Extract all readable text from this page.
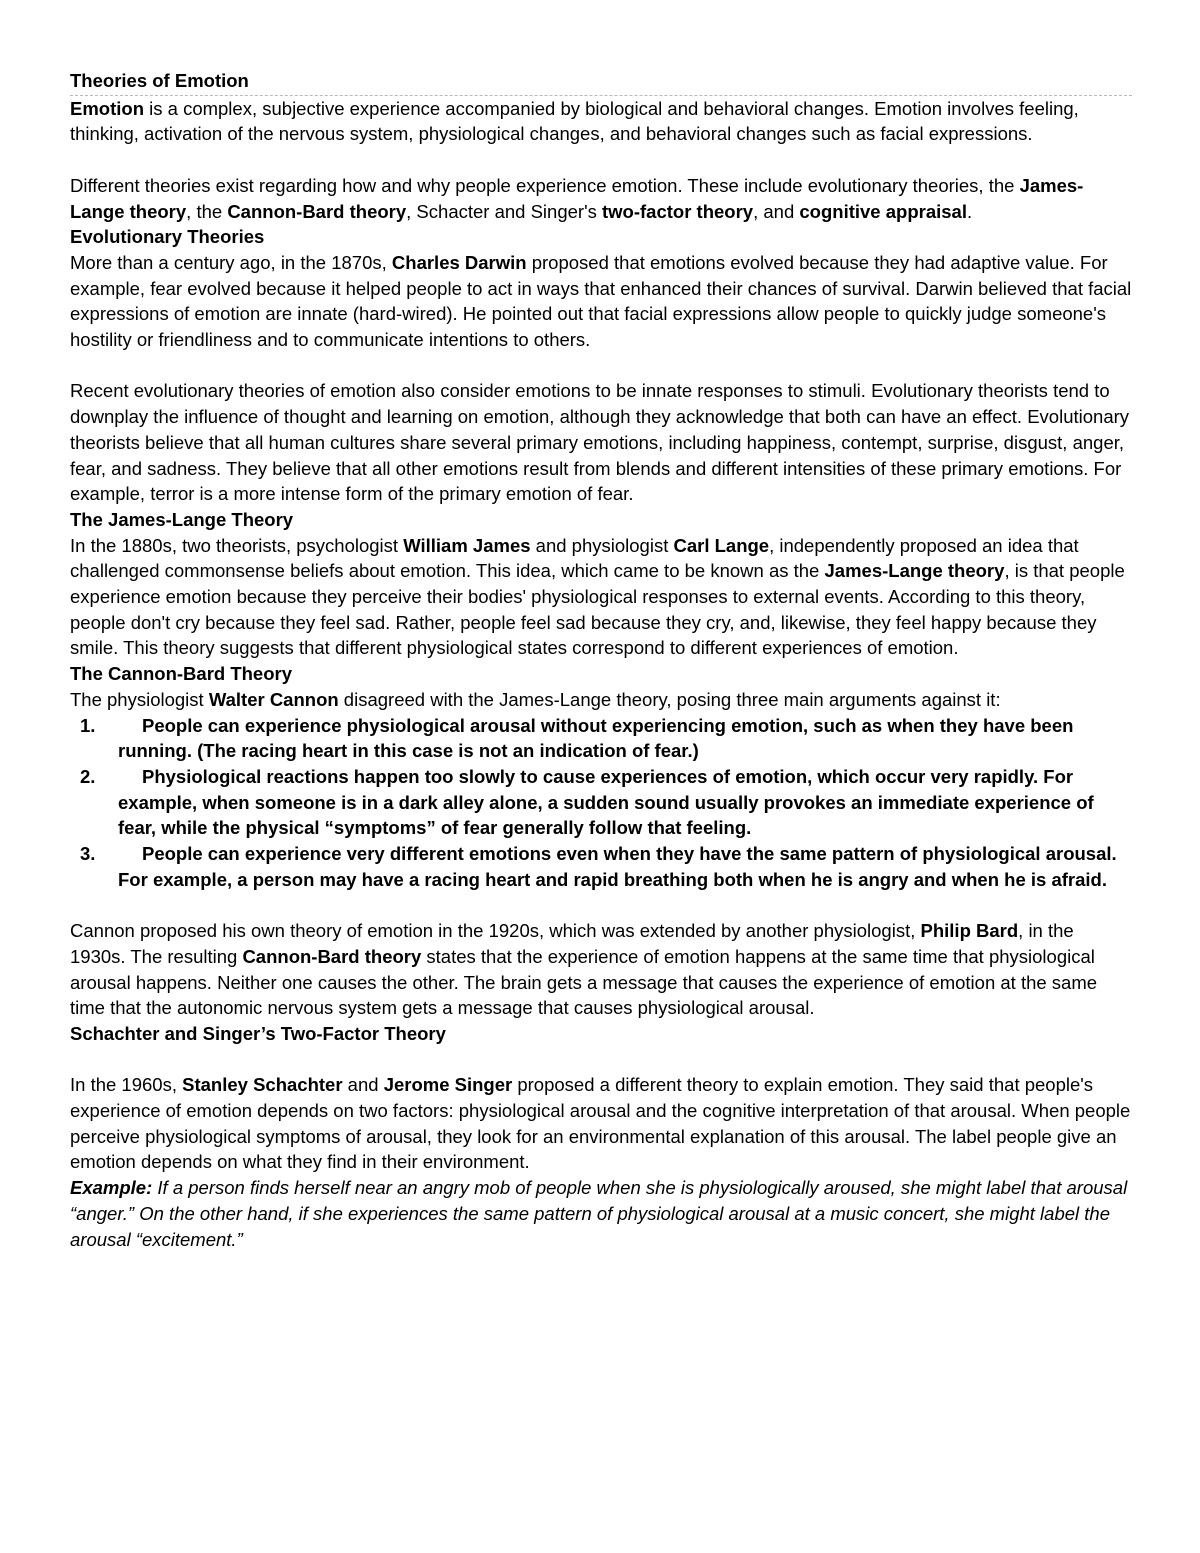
Theories of Emotion

Emotion is a complex, subjective experience accompanied by biological and behavioral changes. Emotion involves feeling, thinking, activation of the nervous system, physiological changes, and behavioral changes such as facial expressions.

Different theories exist regarding how and why people experience emotion. These include evolutionary theories, the James-Lange theory, the Cannon-Bard theory, Schacter and Singer's two-factor theory, and cognitive appraisal.

Evolutionary Theories

More than a century ago, in the 1870s, Charles Darwin proposed that emotions evolved because they had adaptive value. For example, fear evolved because it helped people to act in ways that enhanced their chances of survival. Darwin believed that facial expressions of emotion are innate (hard-wired). He pointed out that facial expressions allow people to quickly judge someone's hostility or friendliness and to communicate intentions to others.

Recent evolutionary theories of emotion also consider emotions to be innate responses to stimuli. Evolutionary theorists tend to downplay the influence of thought and learning on emotion, although they acknowledge that both can have an effect. Evolutionary theorists believe that all human cultures share several primary emotions, including happiness, contempt, surprise, disgust, anger, fear, and sadness. They believe that all other emotions result from blends and different intensities of these primary emotions. For example, terror is a more intense form of the primary emotion of fear.

The James-Lange Theory

In the 1880s, two theorists, psychologist William James and physiologist Carl Lange, independently proposed an idea that challenged commonsense beliefs about emotion. This idea, which came to be known as the James-Lange theory, is that people experience emotion because they perceive their bodies' physiological responses to external events. According to this theory, people don't cry because they feel sad. Rather, people feel sad because they cry, and, likewise, they feel happy because they smile. This theory suggests that different physiological states correspond to different experiences of emotion.

The Cannon-Bard Theory

The physiologist Walter Cannon disagreed with the James-Lange theory, posing three main arguments against it:

1.	People can experience physiological arousal without experiencing emotion, such as when they have been running. (The racing heart in this case is not an indication of fear.)
2.	Physiological reactions happen too slowly to cause experiences of emotion, which occur very rapidly. For example, when someone is in a dark alley alone, a sudden sound usually provokes an immediate experience of fear, while the physical “symptoms” of fear generally follow that feeling.
3.	People can experience very different emotions even when they have the same pattern of physiological arousal. For example, a person may have a racing heart and rapid breathing both when he is angry and when he is afraid.

Cannon proposed his own theory of emotion in the 1920s, which was extended by another physiologist, Philip Bard, in the 1930s. The resulting Cannon-Bard theory states that the experience of emotion happens at the same time that physiological arousal happens. Neither one causes the other. The brain gets a message that causes the experience of emotion at the same time that the autonomic nervous system gets a message that causes physiological arousal.

Schachter and Singer’s Two-Factor Theory

In the 1960s, Stanley Schachter and Jerome Singer proposed a different theory to explain emotion. They said that people's experience of emotion depends on two factors: physiological arousal and the cognitive interpretation of that arousal. When people perceive physiological symptoms of arousal, they look for an environmental explanation of this arousal. The label people give an emotion depends on what they find in their environment.

Example: If a person finds herself near an angry mob of people when she is physiologically aroused, she might label that arousal “anger.” On the other hand, if she experiences the same pattern of physiological arousal at a music concert, she might label the arousal “excitement.”
